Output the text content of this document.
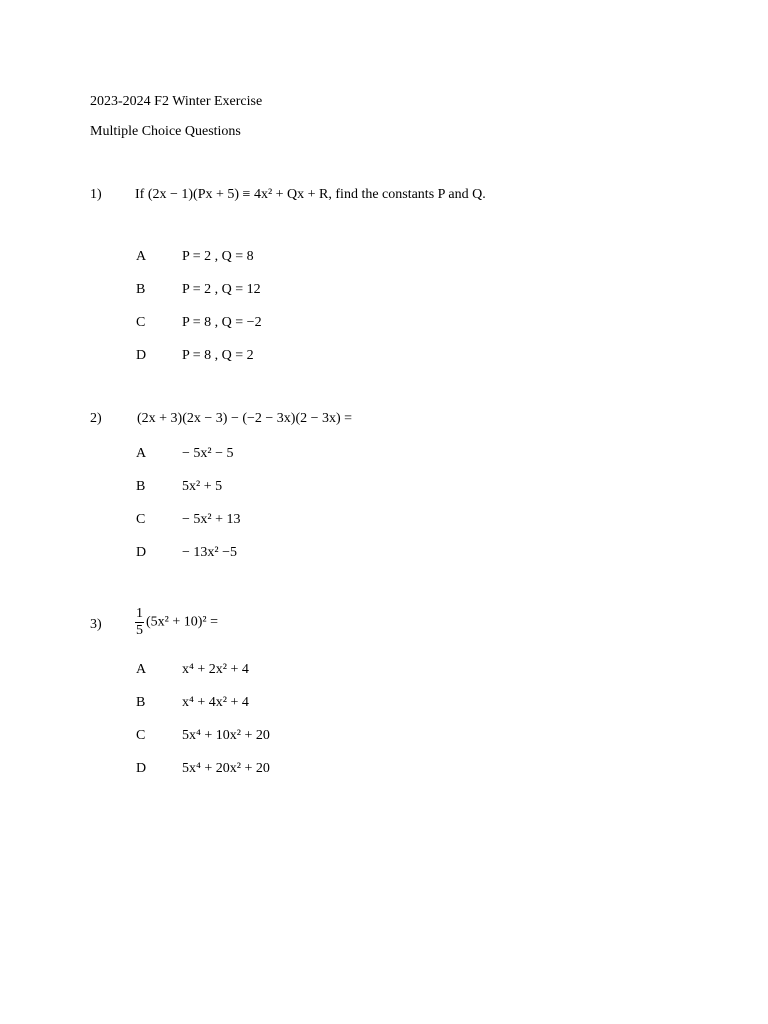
2023-2024 F2 Winter Exercise
Multiple Choice Questions
1) If (2x − 1)(Px + 5) ≡ 4x² + Qx + R, find the constants P and Q.
A	P = 2 , Q = 8
B	P = 2 , Q = 12
C	P = 8 , Q = −2
D	P = 8 , Q = 2
2)	(2x + 3)(2x − 3) − (−2 − 3x)(2 − 3x) =
A	− 5x² − 5
B	5x² + 5
C	− 5x² + 13
D	− 13x² −5
$3) \frac{1}{5} (5x^2 + 10)^2$ =
A	x⁴ + 2x² + 4
B	x⁴ + 4x² + 4
C	5x⁴ + 10x² + 20
D	5x⁴ + 20x² + 20
